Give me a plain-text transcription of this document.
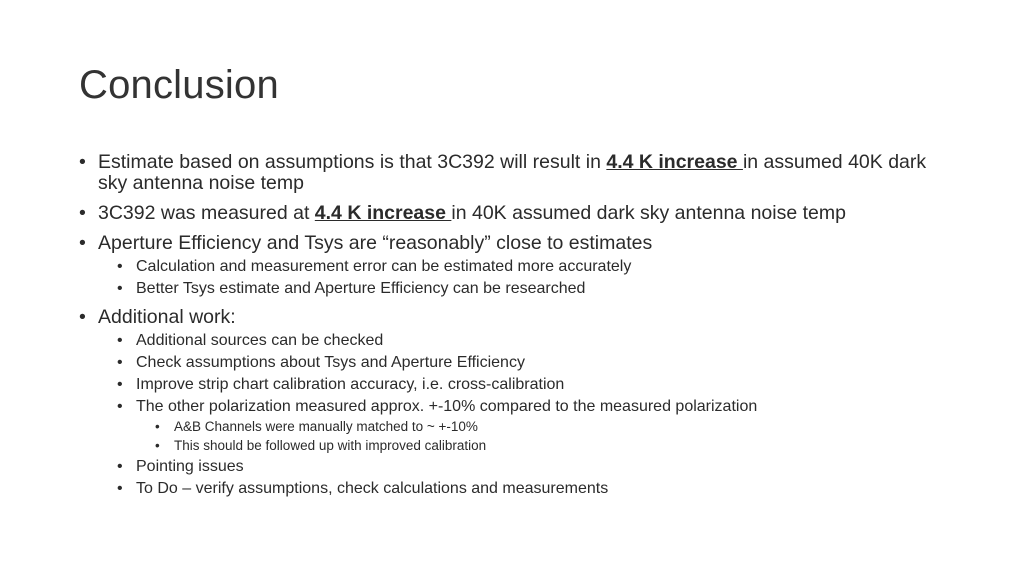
Conclusion
• Estimate based on assumptions is that 3C392 will result in 4.4 K increase in assumed 40K dark sky antenna noise temp
• 3C392 was measured at 4.4 K increase in 40K assumed dark sky antenna noise temp
• Aperture Efficiency and Tsys are “reasonably” close to estimates
• Calculation and measurement error can be estimated more accurately
• Better Tsys estimate and Aperture Efficiency can be researched
• Additional work:
• Additional sources can be checked
• Check assumptions about Tsys and Aperture Efficiency
• Improve strip chart calibration accuracy, i.e. cross-calibration
• The other polarization measured approx. +-10% compared to the measured polarization
• A&B Channels were manually matched to ~ +-10%
• This should be followed up with improved calibration
• Pointing issues
• To Do – verify assumptions, check calculations and measurements
